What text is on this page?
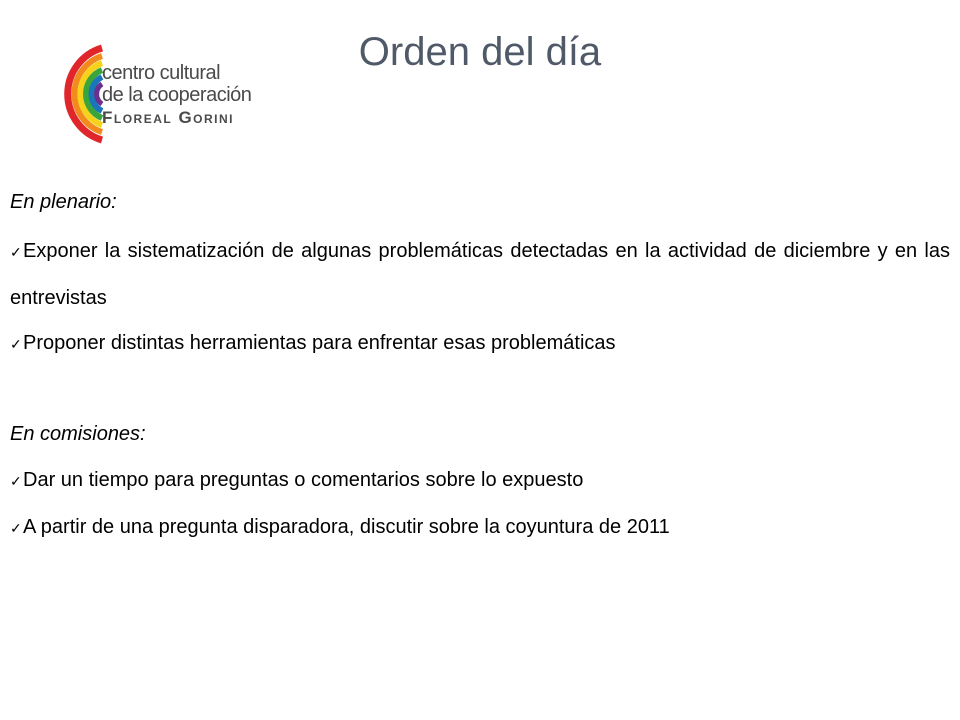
centro cultural
de la cooperación
Floreal Gorini
Orden del día

En plenario:

✓Exponer la sistematización de algunas problemáticas detectadas en la actividad de diciembre y en las entrevistas

✓Proponer distintas herramientas para enfrentar esas problemáticas

En comisiones:

✓Dar un tiempo para preguntas o comentarios sobre lo expuesto

✓A partir de una pregunta disparadora, discutir sobre la coyuntura de 2011
